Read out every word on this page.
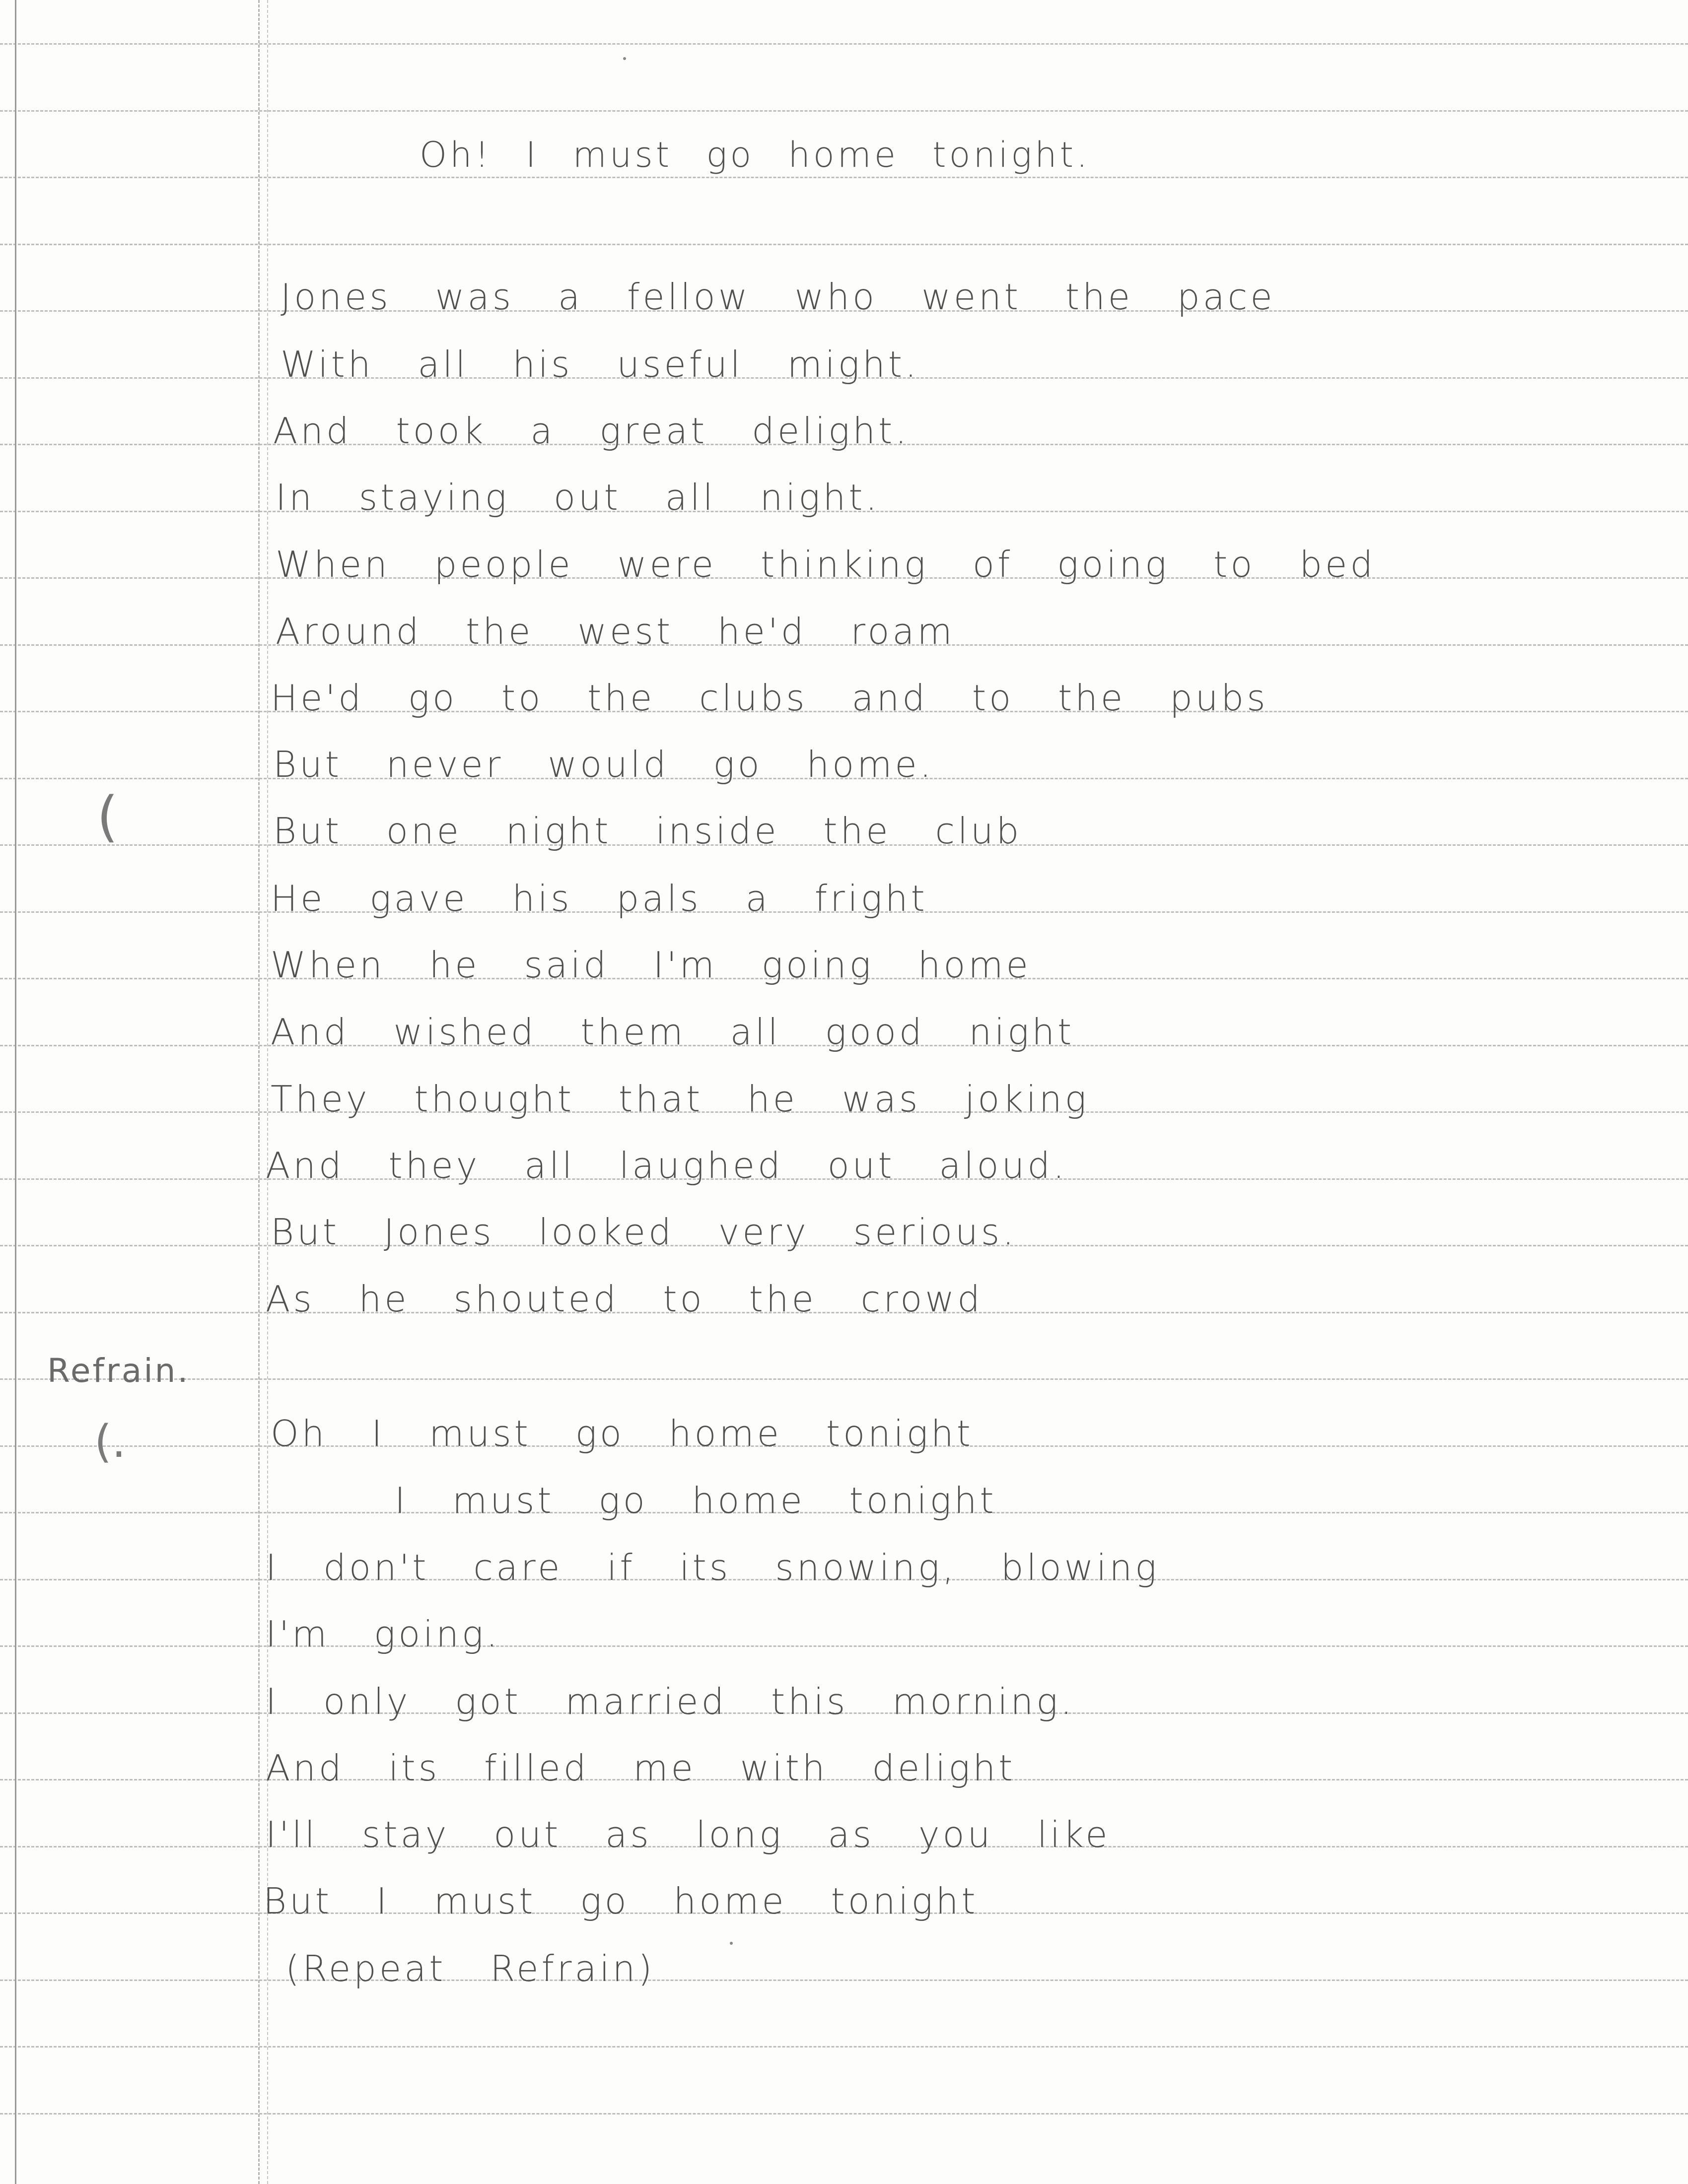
Oh! I must go home tonight.
Jones was a fellow who went the pace
With all his useful might.
And took a great delight.
In staying out all night.
When people were thinking of going to bed
Around the west he'd roam
He'd go to the clubs and to the pubs
But never would go home.
But one night inside the club
He gave his pals a fright
When he said I'm going home
And wished them all good night
They thought that he was joking
And they all laughed out aloud.
But Jones looked very serious.
As he shouted to the crowd
Refrain.
(
(.	Oh I must go home tonight
I must go home tonight
I don't care if its snowing, blowing
I'm going.
I only got married this morning.
And its filled me with delight
I'll stay out as long as you like
But I must go home tonight
(Repeat Refrain)
